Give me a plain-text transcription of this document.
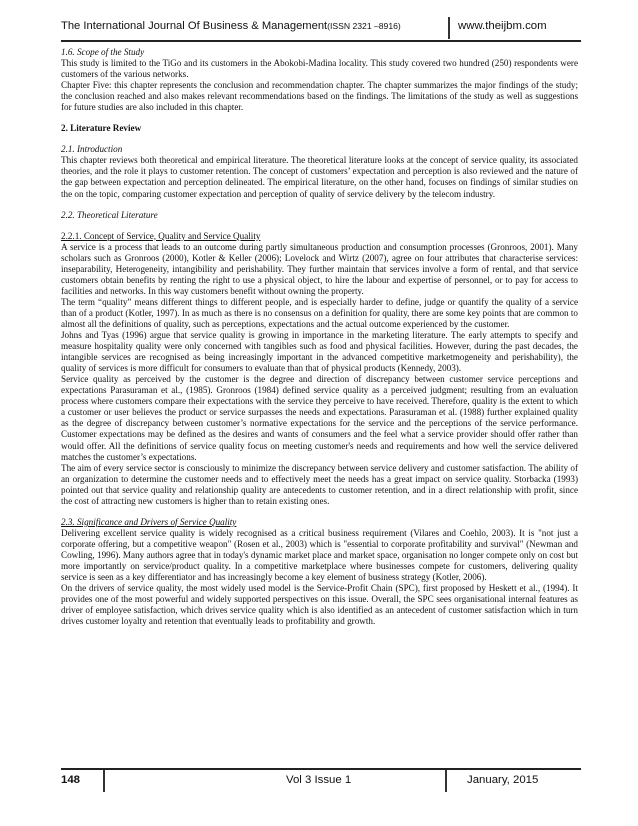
The International Journal Of Business & Management(ISSN 2321 –8916)	www.theijbm.com

1.6. Scope of the Study

This study is limited to the TiGo and its customers in the Abokobi-Madina locality. This study covered two hundred (250) respondents were customers of the various networks.

Chapter Five: this chapter represents the conclusion and recommendation chapter. The chapter summarizes the major findings of the study; the conclusion reached and also makes relevant recommendations based on the findings. The limitations of the study as well as suggestions for future studies are also included in this chapter.

2. Literature Review

2.1. Introduction

This chapter reviews both theoretical and empirical literature. The theoretical literature looks at the concept of service quality, its associated theories, and the role it plays to customer retention. The concept of customers’ expectation and perception is also reviewed and the nature of the gap between expectation and perception delineated. The empirical literature, on the other hand, focuses on findings of similar studies on the on the topic, comparing customer expectation and perception of quality of service delivery by the telecom industry.

2.2. Theoretical Literature

2.2.1. Concept of Service, Quality and Service Quality

A service is a process that leads to an outcome during partly simultaneous production and consumption processes (Gronroos, 2001). Many scholars such as Gronroos (2000), Kotler & Keller (2006); Lovelock and Wirtz (2007), agree on four attributes that characterise services: inseparability, Heterogeneity, intangibility and perishability. They further maintain that services involve a form of rental, and that service customers obtain benefits by renting the right to use a physical object, to hire the labour and expertise of personnel, or to pay for access to facilities and networks. In this way customers benefit without owning the property.

The term “quality” means different things to different people, and is especially harder to define, judge or quantify the quality of a service than of a product (Kotler, 1997). In as much as there is no consensus on a definition for quality, there are some key points that are common to almost all the definitions of quality, such as perceptions, expectations and the actual outcome experienced by the customer.

Johns and Tyas (1996) argue that service quality is growing in importance in the marketing literature. The early attempts to specify and measure hospitality quality were only concerned with tangibles such as food and physical facilities. However, during the past decades, the intangible services are recognised as being increasingly important in the advanced competitive marketmogeneity and perishability), the quality of services is more difficult for consumers to evaluate than that of physical products (Kennedy, 2003).

Service quality as perceived by the customer is the degree and direction of discrepancy between customer service perceptions and expectations Parasuraman et al., (1985). Gronroos (1984) defined service quality as a perceived judgment; resulting from an evaluation process where customers compare their expectations with the service they perceive to have received. Therefore, quality is the extent to which a customer or user believes the product or service surpasses the needs and expectations. Parasuraman et al. (1988) further explained quality as the degree of discrepancy between customer’s normative expectations for the service and the perceptions of the service performance. Customer expectations may be defined as the desires and wants of consumers and the feel what a service provider should offer rather than would offer. All the definitions of service quality focus on meeting customer's needs and requirements and how well the service delivered matches the customer’s expectations.

The aim of every service sector is consciously to minimize the discrepancy between service delivery and customer satisfaction. The ability of an organization to determine the customer needs and to effectively meet the needs has a great impact on service quality. Storbacka (1993) pointed out that service quality and relationship quality are antecedents to customer retention, and in a direct relationship with profit, since the cost of attracting new customers is higher than to retain existing ones.

2.3. Significance and Drivers of Service Quality

Delivering excellent service quality is widely recognised as a critical business requirement (Vilares and Coehlo, 2003). It is "not just a corporate offering, but a competitive weapon" (Rosen et al., 2003) which is "essential to corporate profitability and survival" (Newman and Cowling, 1996). Many authors agree that in today's dynamic market place and market space, organisation no longer compete only on cost but more importantly on service/product quality. In a competitive marketplace where businesses compete for customers, delivering quality service is seen as a key differentiator and has increasingly become a key element of business strategy (Kotler, 2006).

On the drivers of service quality, the most widely used model is the Service-Profit Chain (SPC), first proposed by Heskett et al., (1994). It provides one of the most powerful and widely supported perspectives on this issue. Overall, the SPC sees organisational internal features as driver of employee satisfaction, which drives service quality which is also identified as an antecedent of customer satisfaction which in turn drives customer loyalty and retention that eventually leads to profitability and growth.

148	Vol 3 Issue 1	January, 2015
